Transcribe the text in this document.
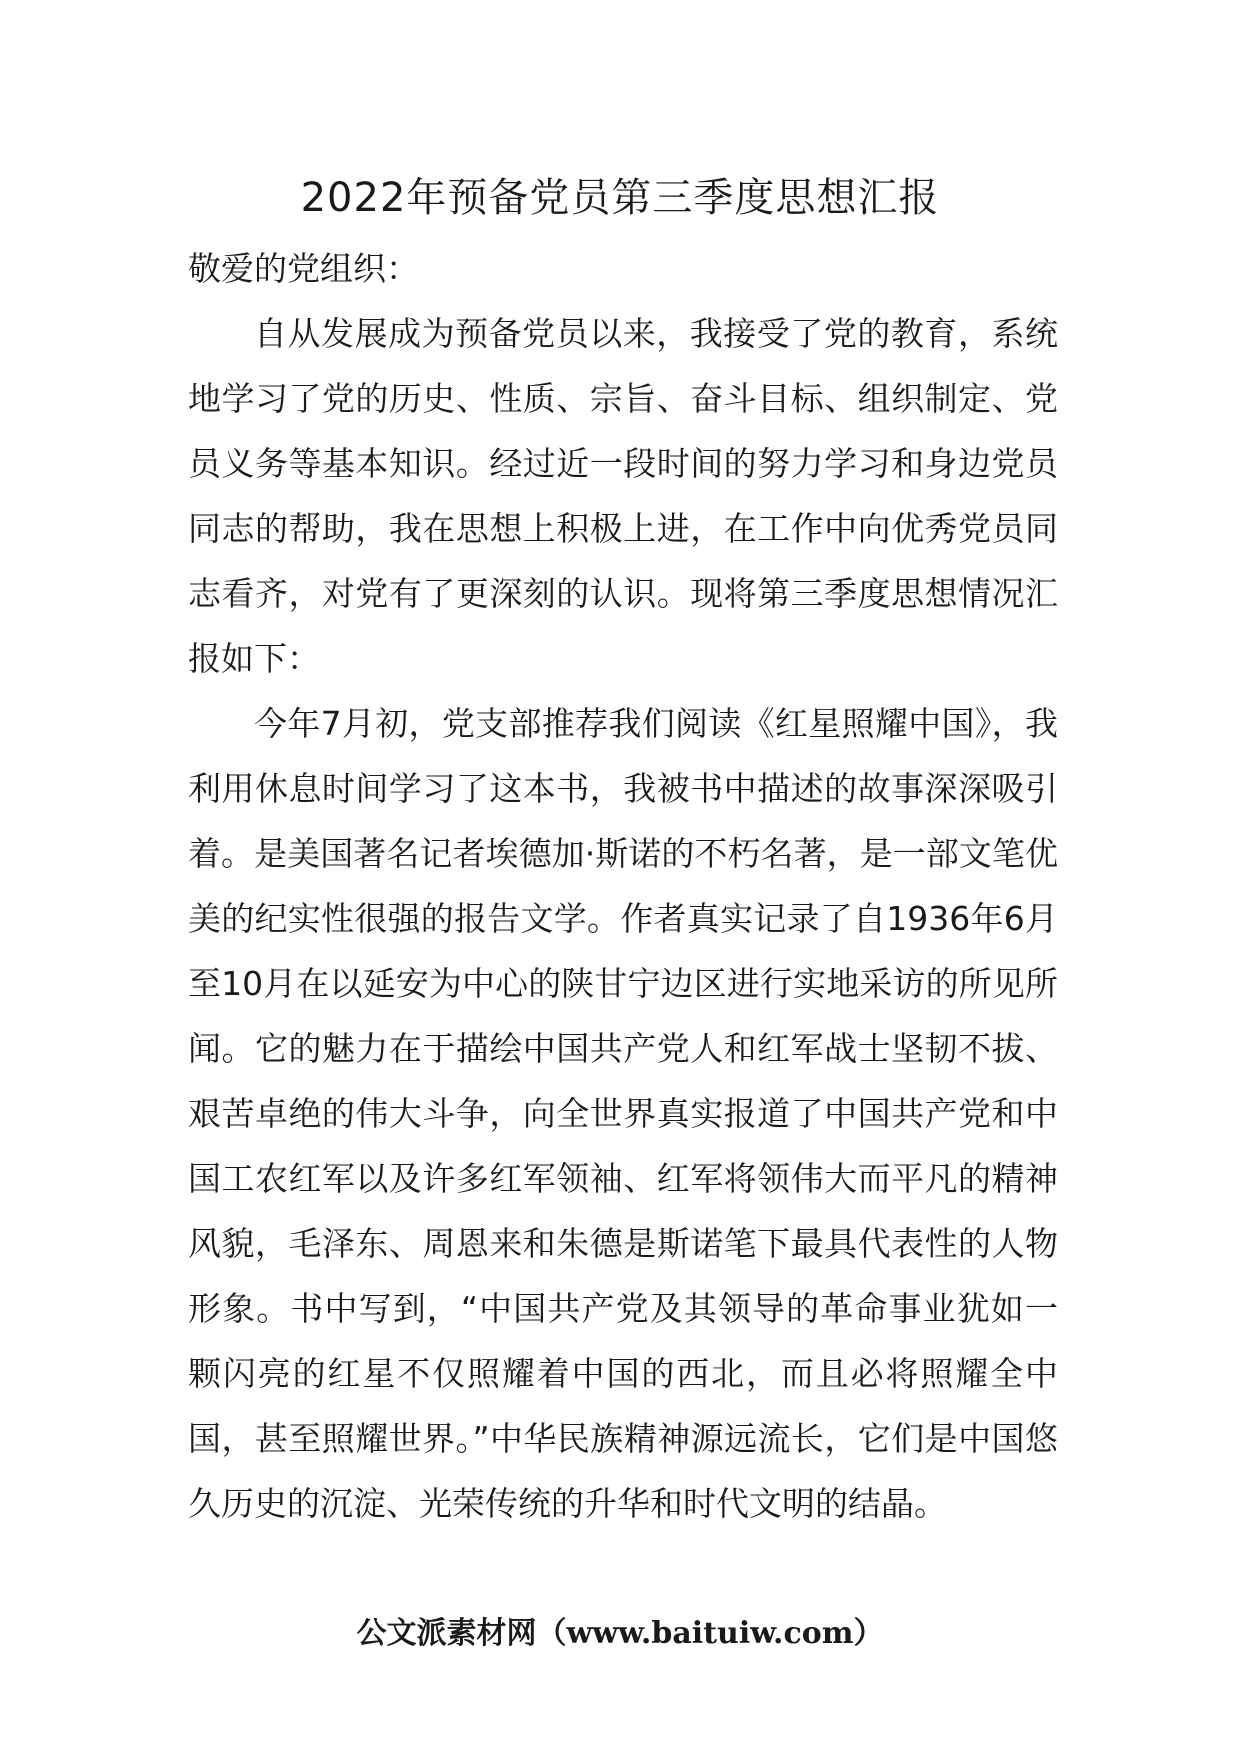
2022年预备党员第三季度思想汇报

敬爱的党组织：

自从发展成为预备党员以来，我接受了党的教育，系统地学习了党的历史、性质、宗旨、奋斗目标、组织制定、党员义务等基本知识。经过近一段时间的努力学习和身边党员同志的帮助，我在思想上积极上进，在工作中向优秀党员同志看齐，对党有了更深刻的认识。现将第三季度思想情况汇报如下：

今年7月初，党支部推荐我们阅读《红星照耀中国》，我利用休息时间学习了这本书，我被书中描述的故事深深吸引着。是美国著名记者埃德加·斯诺的不朽名著，是一部文笔优美的纪实性很强的报告文学。作者真实记录了自1936年6月至10月在以延安为中心的陕甘宁边区进行实地采访的所见所闻。它的魅力在于描绘中国共产党人和红军战士坚韧不拔、艰苦卓绝的伟大斗争，向全世界真实报道了中国共产党和中国工农红军以及许多红军领袖、红军将领伟大而平凡的精神风貌，毛泽东、周恩来和朱德是斯诺笔下最具代表性的人物形象。书中写到，“中国共产党及其领导的革命事业犹如一颗闪亮的红星不仅照耀着中国的西北，而且必将照耀全中国，甚至照耀世界。”中华民族精神源远流长，它们是中国悠久历史的沉淀、光荣传统的升华和时代文明的结晶。

公文派素材网（www.baituiw.com）
